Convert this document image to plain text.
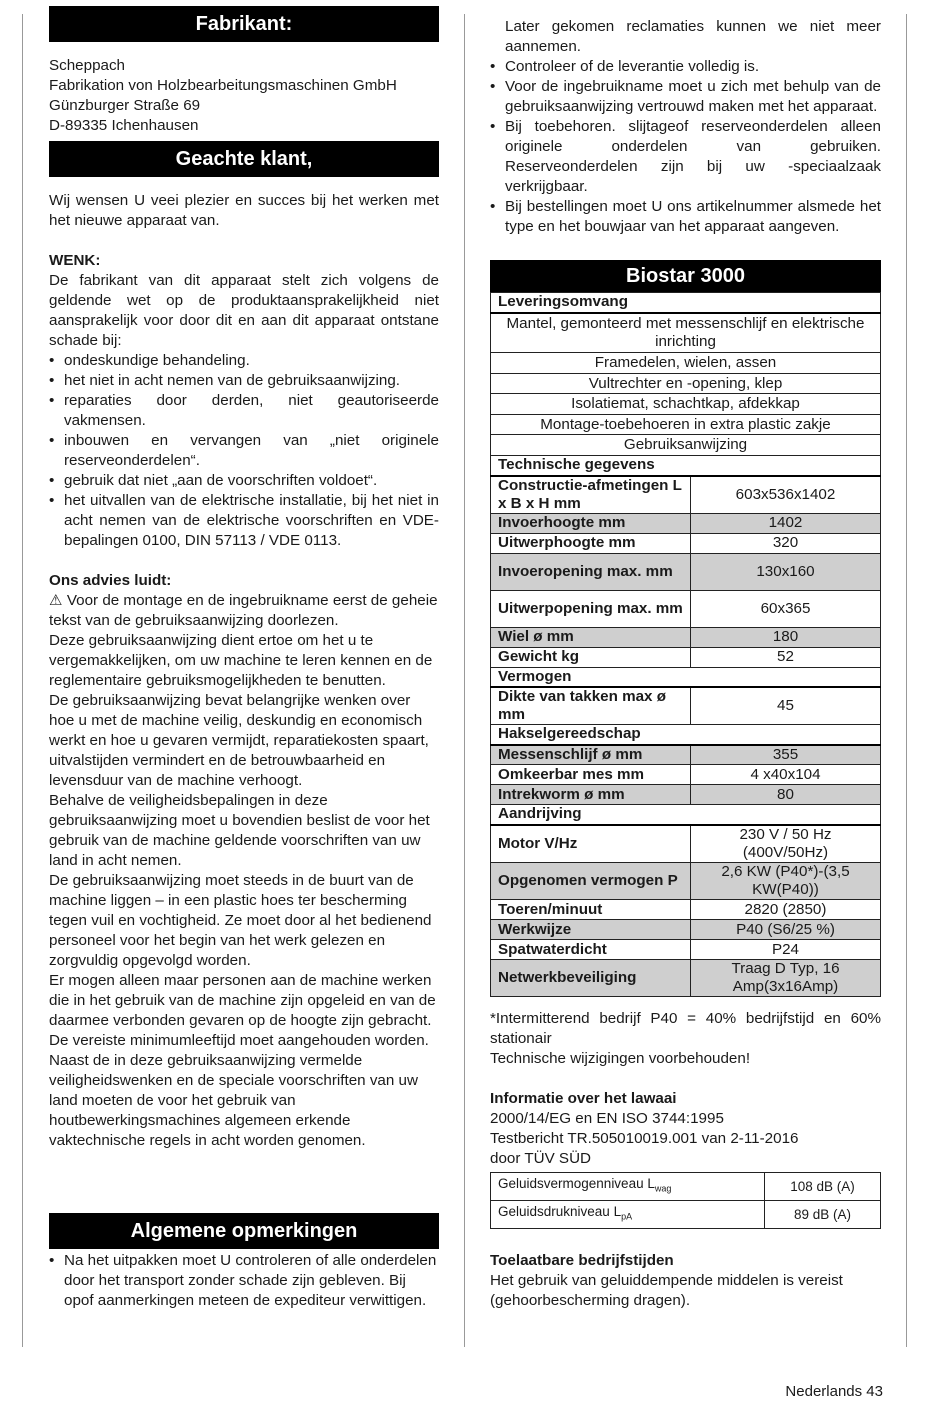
Fabrikant:

Scheppach

Fabrikation von Holzbearbeitungsmaschinen GmbH

Günzburger Straße 69

D-89335 Ichenhausen

Geachte klant,

Wij wensen U veei plezier en succes bij het werken met het nieuwe apparaat van.

WENK:

De fabrikant van dit apparaat stelt zich volgens de geldende wet op de produktaansprakelijkheid niet aansprakelijk voor door dit en aan dit apparaat ontstane schade bij:

• ondeskundige behandeling.
• het niet in acht nemen van de gebruiksaanwijzing.
• reparaties door derden, niet geautoriseerde vakmensen.
• inbouwen en vervangen van „niet originele reserveonderdelen“.
• gebruik dat niet „aan de voorschriften voldoet“.
• het uitvallen van de elektrische installatie, bij het niet in acht nemen van de elektrische voorschriften en VDE-bepalingen 0100, DIN 57113 / VDE 0113.

Ons advies luidt:

⚠ Voor de montage en de ingebruikname eerst de geheie tekst van de gebruiksaanwijzing doorlezen.

Deze gebruiksaanwijzing dient ertoe om het u te vergemakkelijken, om uw machine te leren kennen en de reglementaire gebruiksmogelijkheden te benutten.

De gebruiksaanwijzing bevat belangrijke wenken over hoe u met de machine veilig, deskundig en economisch werkt en hoe u gevaren vermijdt, reparatiekosten spaart, uitvalstijden vermindert en de betrouwbaarheid en levensduur van de machine verhoogt.

Behalve de veiligheidsbepalingen in deze gebruiksaanwijzing moet u bovendien beslist de voor het gebruik van de machine geldende voorschriften van uw land in acht nemen.

De gebruiksaanwijzing moet steeds in de buurt van de machine liggen – in een plastic hoes ter bescherming tegen vuil en vochtigheid. Ze moet door al het bedienend personeel voor het begin van het werk gelezen en zorgvuldig opgevolgd worden.

Er mogen alleen maar personen aan de machine werken die in het gebruik van de machine zijn opgeleid en van de daarmee verbonden gevaren op de hoogte zijn gebracht. De vereiste minimumleeftijd moet aangehouden worden.

Naast de in deze gebruiksaanwijzing vermelde veiligheidswenken en de speciale voorschriften van uw land moeten de voor het gebruik van houtbewerkingsmachines algemeen erkende vaktechnische regels in acht worden genomen.

Algemene opmerkingen
• Na het uitpakken moet U controleren of alle onderdelen door het transport zonder schade zijn gebleven. Bij opof aanmerkingen meteen de expediteur verwittigen.

Later gekomen reclamaties kunnen we niet meer aannemen.

• Controleer of de leverantie volledig is.
• Voor de ingebruikname moet u zich met behulp van de gebruiksaanwijzing vertrouwd maken met het apparaat.
• Bij toebehoren. slijtageof reserveonderdelen alleen originele onderdelen van gebruiken. Reserveonderdelen zijn bij uw -speciaalzaak verkrijgbaar.
• Bij bestellingen moet U ons artikelnummer alsmede het type en het bouwjaar van het apparaat aangeven.
Biostar 3000
Leveringsomvang	
Mantel, gemonteerd met messenschlijf en elektrische inrichting	
Framedelen, wielen, assen	
Vultrechter en -opening, klep	
Isolatiemat, schachtkap, afdekkap	
Montage-toebehoeren in extra plastic zakje	
Gebruiksanwijzing	
Technische gegevens	
Constructie-afmetingen L x B x H mm	603x536x1402
Invoerhoogte mm	1402
Uitwerphoogte mm	320
Invoeropening max. mm	130x160
Uitwerpopening max. mm	60x365
Wiel ø mm	180
Gewicht kg	52
Vermogen	
Dikte van takken max ø mm	45
Hakselgereedschap	
Messenschlijf ø mm	355
Omkeerbar mes mm	4 x40x104
Intrekworm ø mm	80
Aandrijving	
Motor V/Hz	230 V / 50 Hz (400V/50Hz)
Opgenomen vermogen P	2,6 KW (P40*)-(3,5 KW(P40))
Toeren/minuut	2820 (2850)
Werkwijze	P40 (S6/25 %)
Spatwaterdicht	P24
Netwerkbeveiliging	Traag D Typ, 16 Amp(3x16Amp)

*Intermitterend bedrijf P40 = 40% bedrijfstijd en 60% stationair

Technische wijzigingen voorbehouden!

Informatie over het lawaai

2000/14/EG en EN ISO 3744:1995

Testbericht TR.505010019.001 van 2-11-2016

door TÜV SÜD

Geluidsvermogenniveau $L_{wag}$	108 dB (A)
Geluidsdrukniveau $L_{pA}$	89 dB (A)

Toelaatbare bedrijfstijden

Het gebruik van geluiddempende middelen is vereist (gehoorbescherming dragen).

Nederlands 43
